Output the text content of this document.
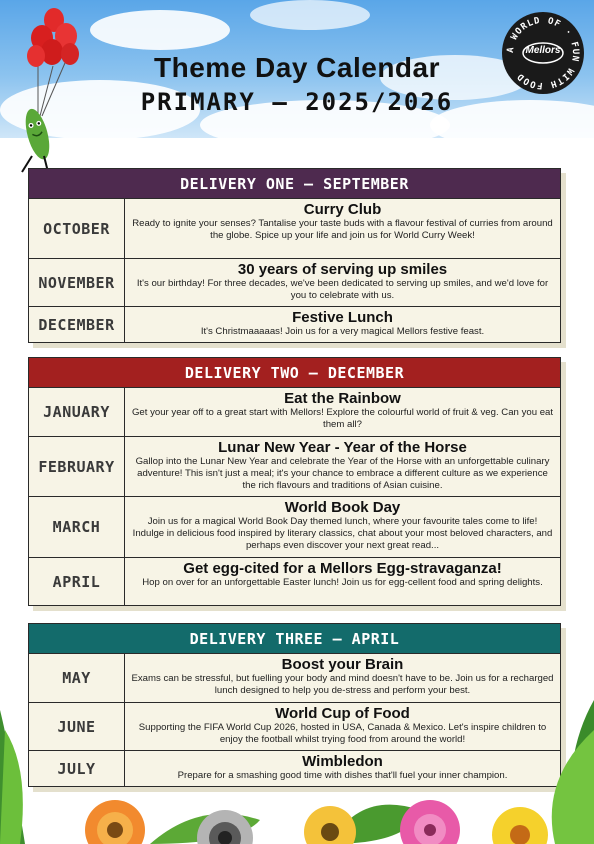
Theme Day Calendar
PRIMARY – 2025/2026
A WORLD OF · FUN WITH FOOD
Mellors
DELIVERY ONE – SEPTEMBER
OCTOBER
Curry Club
Ready to ignite your senses? Tantalise your taste buds with a flavour festival of curries from around the globe. Spice up your life and join us for World Curry Week!
NOVEMBER
30 years of serving up smiles
It's our birthday! For three decades, we've been dedicated to serving up smiles, and we'd love for you to celebrate with us.
DECEMBER	Festive Lunch
It's Christmaaaaas! Join us for a very magical Mellors festive feast.
DELIVERY TWO – DECEMBER
JANUARY
Eat the Rainbow
Get your year off to a great start with Mellors! Explore the colourful world of fruit & veg. Can you eat them all?
FEBRUARY
Lunar New Year - Year of the Horse
Gallop into the Lunar New Year and celebrate the Year of the Horse with an unforgettable culinary adventure! This isn't just a meal; it's your chance to embrace a different culture as we experience the rich flavours and traditions of Asian cuisine.
MARCH
World Book Day
Join us for a magical World Book Day themed lunch, where your favourite tales come to life! Indulge in delicious food inspired by literary classics, chat about your most beloved characters, and perhaps even discover your next great read...
APRIL
Get egg-cited for a Mellors Egg-stravaganza!
Hop on over for an unforgettable Easter lunch! Join us for egg-cellent food and spring delights.
DELIVERY THREE – APRIL
MAY
Boost your Brain
Exams can be stressful, but fuelling your body and mind doesn't have to be. Join us for a recharged lunch designed to help you de-stress and perform your best.
JUNE
World Cup of Food
Supporting the FIFA World Cup 2026, hosted in USA, Canada & Mexico. Let's inspire children to enjoy the football whilst trying food from around the world!
JULY	Wimbledon
Prepare for a smashing good time with dishes that'll fuel your inner champion.
